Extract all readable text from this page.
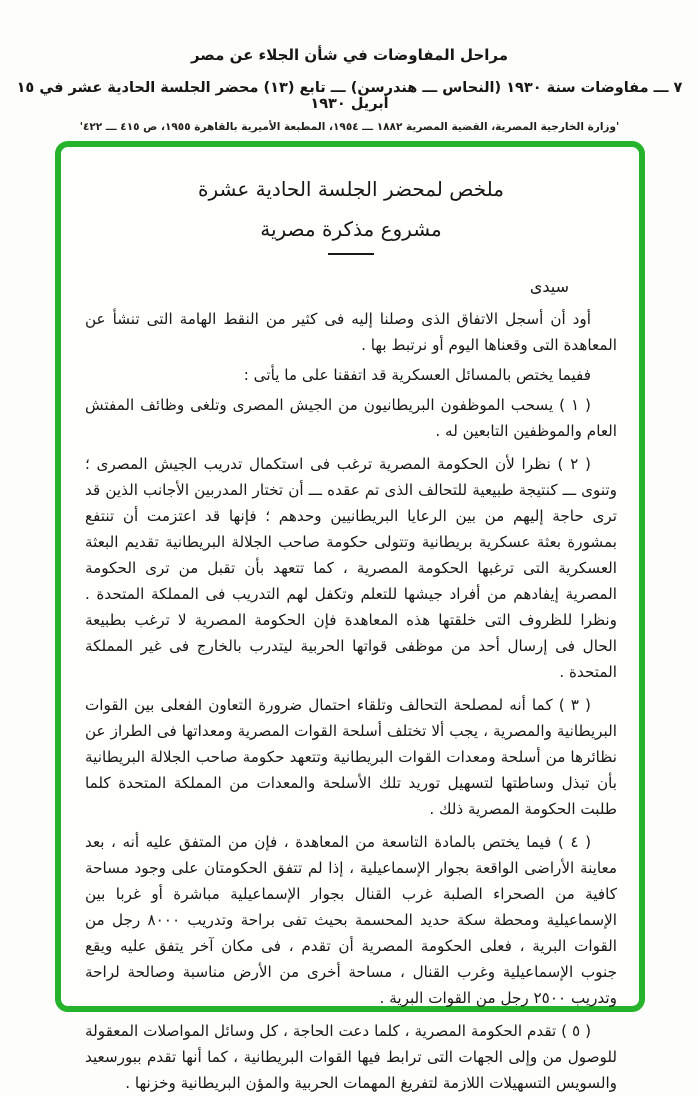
مراحل المفاوضات في شأن الجلاء عن مصر
٧ ـــ مفاوضات سنة ١٩٣٠ (النحاس ـــ هندرسن) ـــ تابع (١٣) محضر الجلسة الحادية عشر في ١٥ أبريل ١٩٣٠
'وزارة الخارجية المصرية، القضية المصرية ١٨٨٢ ـــ ١٩٥٤، المطبعة الأميرية بالقاهرة ١٩٥٥، ص ٤١٥ ـــ ٤٢٢'
ملخص لمحضر الجلسة الحادية عشرة
مشروع مذكرة مصرية
سيدى

أود أن أسجل الاتفاق الذى وصلنا إليه فى كثير من النقط الهامة التى تنشأ عن المعاهدة التى وقعناها اليوم أو نرتبط بها .

ففيما يختص بالمسائل العسكرية قد اتفقنا على ما يأتى :

( ١ ) يسحب الموظفون البريطانيون من الجيش المصرى وتلغى وظائف المفتش العام والموظفين التابعين له .

( ٢ ) نظرا لأن الحكومة المصرية ترغب فى استكمال تدريب الجيش المصرى ؛ وتنوى ـــ كنتيجة طبيعية للتحالف الذى تم عقده ـــ أن تختار المدربين الأجانب الذين قد ترى حاجة إليهم من بين الرعايا البريطانيين وحدهم ؛ فإنها قد اعتزمت أن تنتفع بمشورة بعثة عسكرية بريطانية وتتولى حكومة صاحب الجلالة البريطانية تقديم البعثة العسكرية التى ترغبها الحكومة المصرية ، كما تتعهد بأن تقبل من ترى الحكومة المصرية إيفادهم من أفراد جيشها للتعلم وتكفل لهم التدريب فى المملكة المتحدة . ونظرا للظروف التى خلقتها هذه المعاهدة فإن الحكومة المصرية لا ترغب بطبيعة الحال فى إرسال أحد من موظفى قواتها الحربية ليتدرب بالخارج فى غير المملكة المتحدة .

( ٣ ) كما أنه لمصلحة التحالف وتلقاء احتمال ضرورة التعاون الفعلى بين القوات البريطانية والمصرية ، يجب ألا تختلف أسلحة القوات المصرية ومعداتها فى الطراز عن نظائرها من أسلحة ومعدات القوات البريطانية وتتعهد حكومة صاحب الجلالة البريطانية بأن تبذل وساطتها لتسهيل توريد تلك الأسلحة والمعدات من المملكة المتحدة كلما طلبت الحكومة المصرية ذلك .

( ٤ ) فيما يختص بالمادة التاسعة من المعاهدة ، فإن من المتفق عليه أنه ، بعد معاينة الأراضى الواقعة بجوار الإسماعيلية ، إذا لم تتفق الحكومتان على وجود مساحة كافية من الصحراء الصلبة غرب القنال بجوار الإسماعيلية مباشرة أو غربا بين الإسماعيلية ومحطة سكة حديد المحسمة بحيث تفى براحة وتدريب ٨٠٠٠ رجل من القوات البرية ، فعلى الحكومة المصرية أن تقدم ، فى مكان آخر يتفق عليه ويقع جنوب الإسماعيلية وغرب القنال ، مساحة أخرى من الأرض مناسبة وصالحة لراحة وتدريب ٢٥٠٠ رجل من القوات البرية .

( ٥ ) تقدم الحكومة المصرية ، كلما دعت الحاجة ، كل وسائل المواصلات المعقولة للوصول من وإلى الجهات التى ترابط فيها القوات البريطانية ، كما أنها تقدم ببورسعيد والسويس التسهيلات اللازمة لتفريغ المهمات الحربية والمؤن البريطانية وخزنها .
